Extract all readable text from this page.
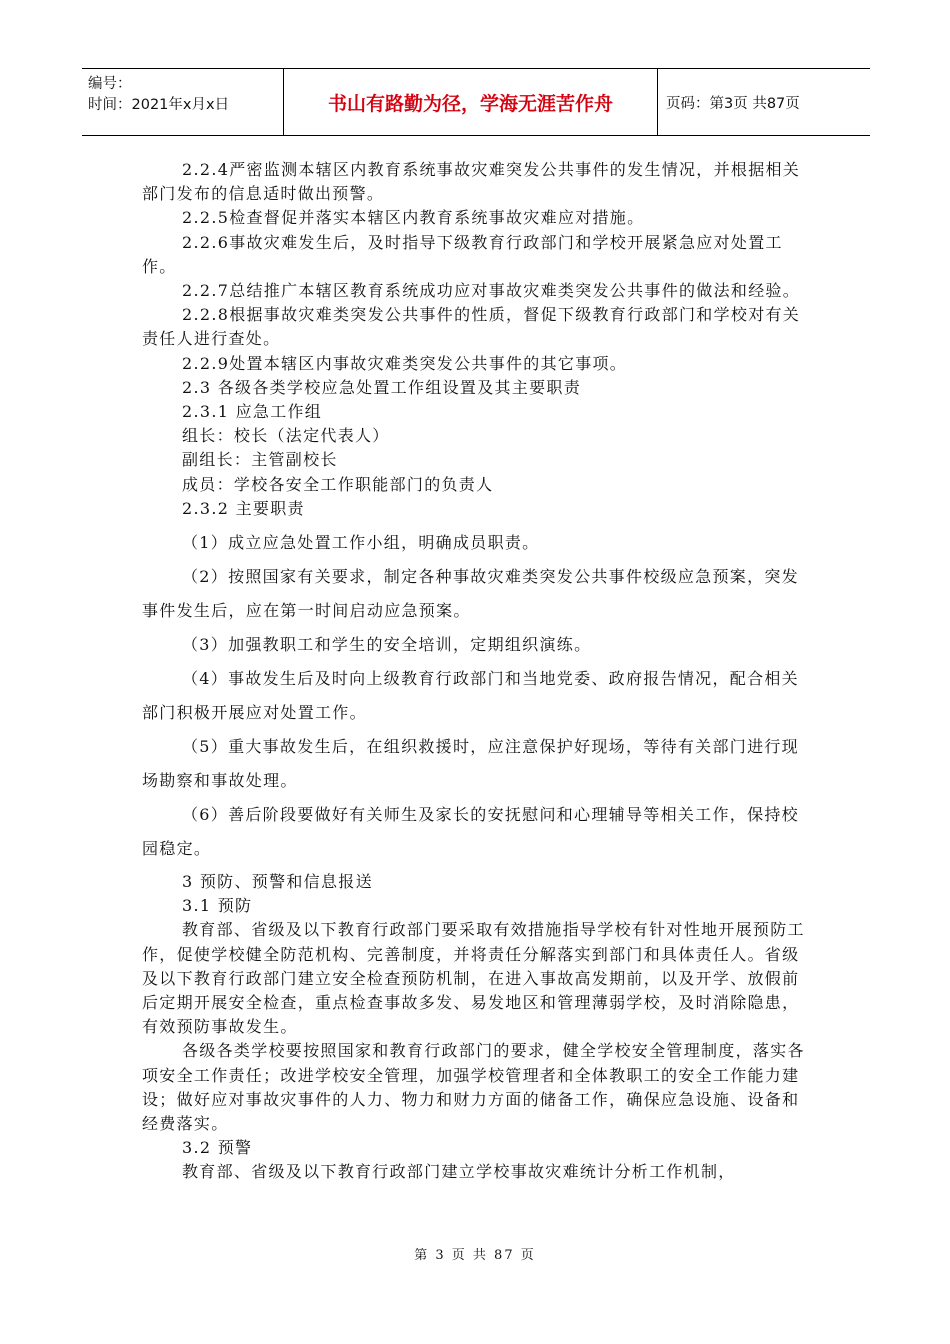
编号：
时间：2021年x月x日	书山有路勤为径，学海无涯苦作舟	页码：第3页 共87页

2.2.4严密监测本辖区内教育系统事故灾难突发公共事件的发生情况，并根据相关部门发布的信息适时做出预警。

2.2.5检查督促并落实本辖区内教育系统事故灾难应对措施。

2.2.6事故灾难发生后，及时指导下级教育行政部门和学校开展紧急应对处置工作。

2.2.7总结推广本辖区教育系统成功应对事故灾难类突发公共事件的做法和经验。

2.2.8根据事故灾难类突发公共事件的性质，督促下级教育行政部门和学校对有关责任人进行查处。

2.2.9处置本辖区内事故灾难类突发公共事件的其它事项。

2.3 各级各类学校应急处置工作组设置及其主要职责

2.3.1 应急工作组

组长：校长（法定代表人）

副组长：主管副校长

成员：学校各安全工作职能部门的负责人

2.3.2 主要职责

（1）成立应急处置工作小组，明确成员职责。

（2）按照国家有关要求，制定各种事故灾难类突发公共事件校级应急预案，突发事件发生后，应在第一时间启动应急预案。

（3）加强教职工和学生的安全培训，定期组织演练。

（4）事故发生后及时向上级教育行政部门和当地党委、政府报告情况，配合相关部门积极开展应对处置工作。

（5）重大事故发生后，在组织救援时，应注意保护好现场，等待有关部门进行现场勘察和事故处理。

（6）善后阶段要做好有关师生及家长的安抚慰问和心理辅导等相关工作，保持校园稳定。

3 预防、预警和信息报送

3.1 预防

教育部、省级及以下教育行政部门要采取有效措施指导学校有针对性地开展预防工作，促使学校健全防范机构、完善制度，并将责任分解落实到部门和具体责任人。省级及以下教育行政部门建立安全检查预防机制，在进入事故高发期前，以及开学、放假前后定期开展安全检查，重点检查事故多发、易发地区和管理薄弱学校，及时消除隐患，有效预防事故发生。

各级各类学校要按照国家和教育行政部门的要求，健全学校安全管理制度，落实各项安全工作责任；改进学校安全管理，加强学校管理者和全体教职工的安全工作能力建设；做好应对事故灾事件的人力、物力和财力方面的储备工作，确保应急设施、设备和经费落实。

3.2 预警

教育部、省级及以下教育行政部门建立学校事故灾难统计分析工作机制，

第 3 页 共 87 页
